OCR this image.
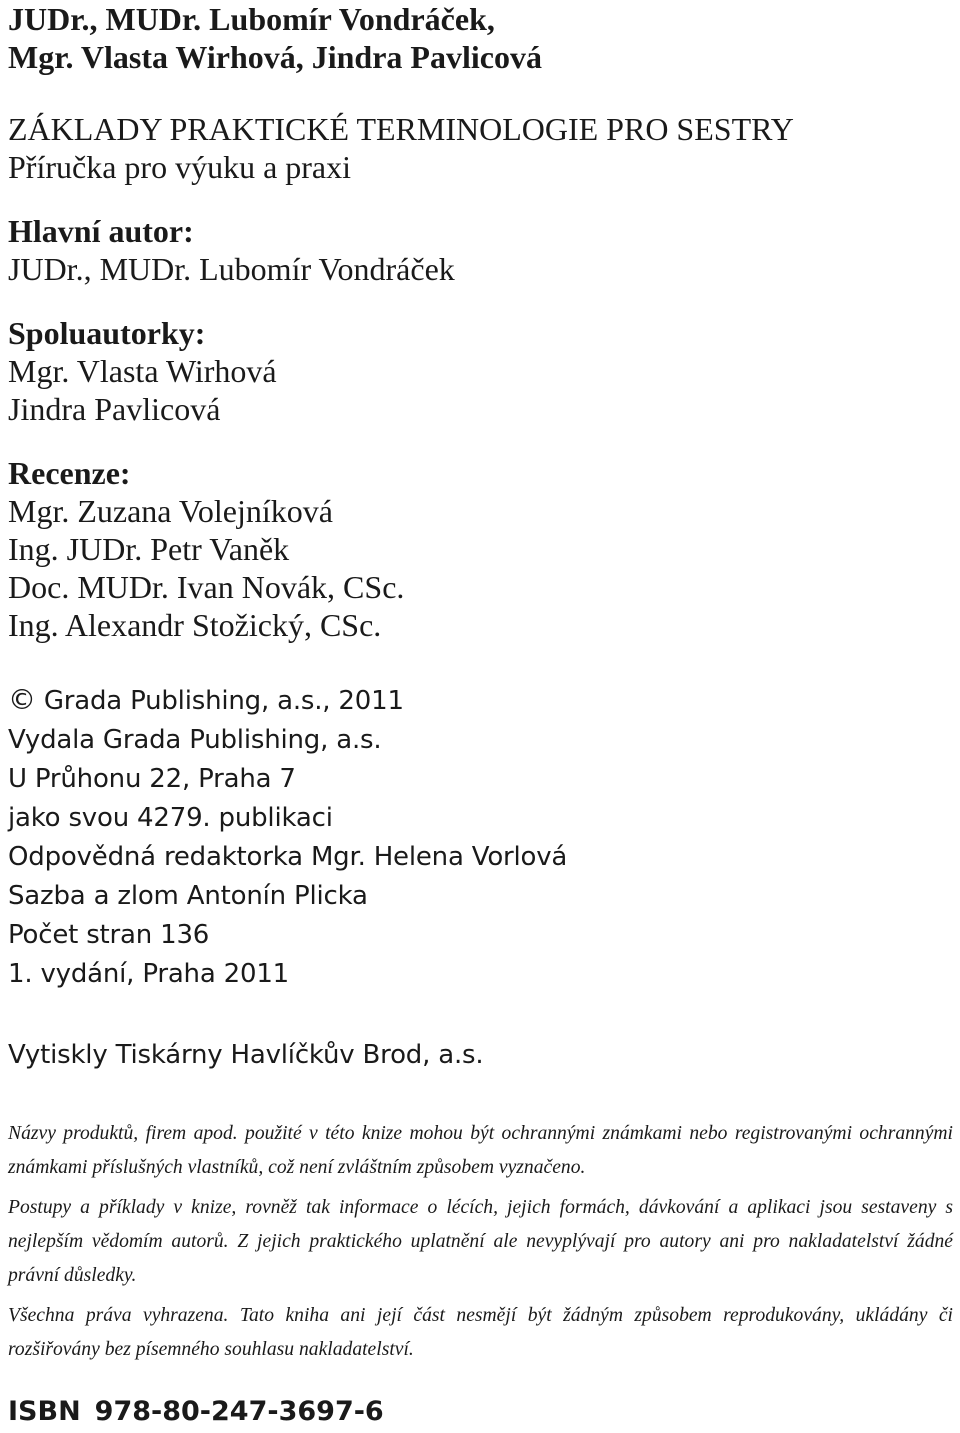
JUDr., MUDr. Lubomír Vondráček,
Mgr. Vlasta Wirhová, Jindra Pavlicová
ZÁKLADY PRAKTICKÉ TERMINOLOGIE PRO SESTRY
Příručka pro výuku a praxi
Hlavní autor:
JUDr., MUDr. Lubomír Vondráček
Spoluautorky:
Mgr. Vlasta Wirhová
Jindra Pavlicová
Recenze:
Mgr. Zuzana Volejníková
Ing. JUDr. Petr Vaněk
Doc. MUDr. Ivan Novák, CSc.
Ing. Alexandr Stožický, CSc.
© Grada Publishing, a.s., 2011
Vydala Grada Publishing, a.s.
U Průhonu 22, Praha 7
jako svou 4279. publikaci
Odpovědná redaktorka Mgr. Helena Vorlová
Sazba a zlom Antonín Plicka
Počet stran 136
1. vydání, Praha 2011
Vytiskly Tiskárny Havlíčkův Brod, a.s.

Názvy produktů, firem apod. použité v této knize mohou být ochrannými známkami nebo registrovanými ochrannými známkami příslušných vlastníků, což není zvláštním způsobem vyznačeno.

Postupy a příklady v knize, rovněž tak informace o lécích, jejich formách, dávkování a aplikaci jsou sestaveny s nejlepším vědomím autorů. Z jejich praktického uplatnění ale nevyplývají pro autory ani pro nakladatelství žádné právní důsledky.

Všechna práva vyhrazena. Tato kniha ani její část nesmějí být žádným způsobem reprodukovány, ukládány či rozšiřovány bez písemného souhlasu nakladatelství.

ISBN 978-80-247-3697-6
